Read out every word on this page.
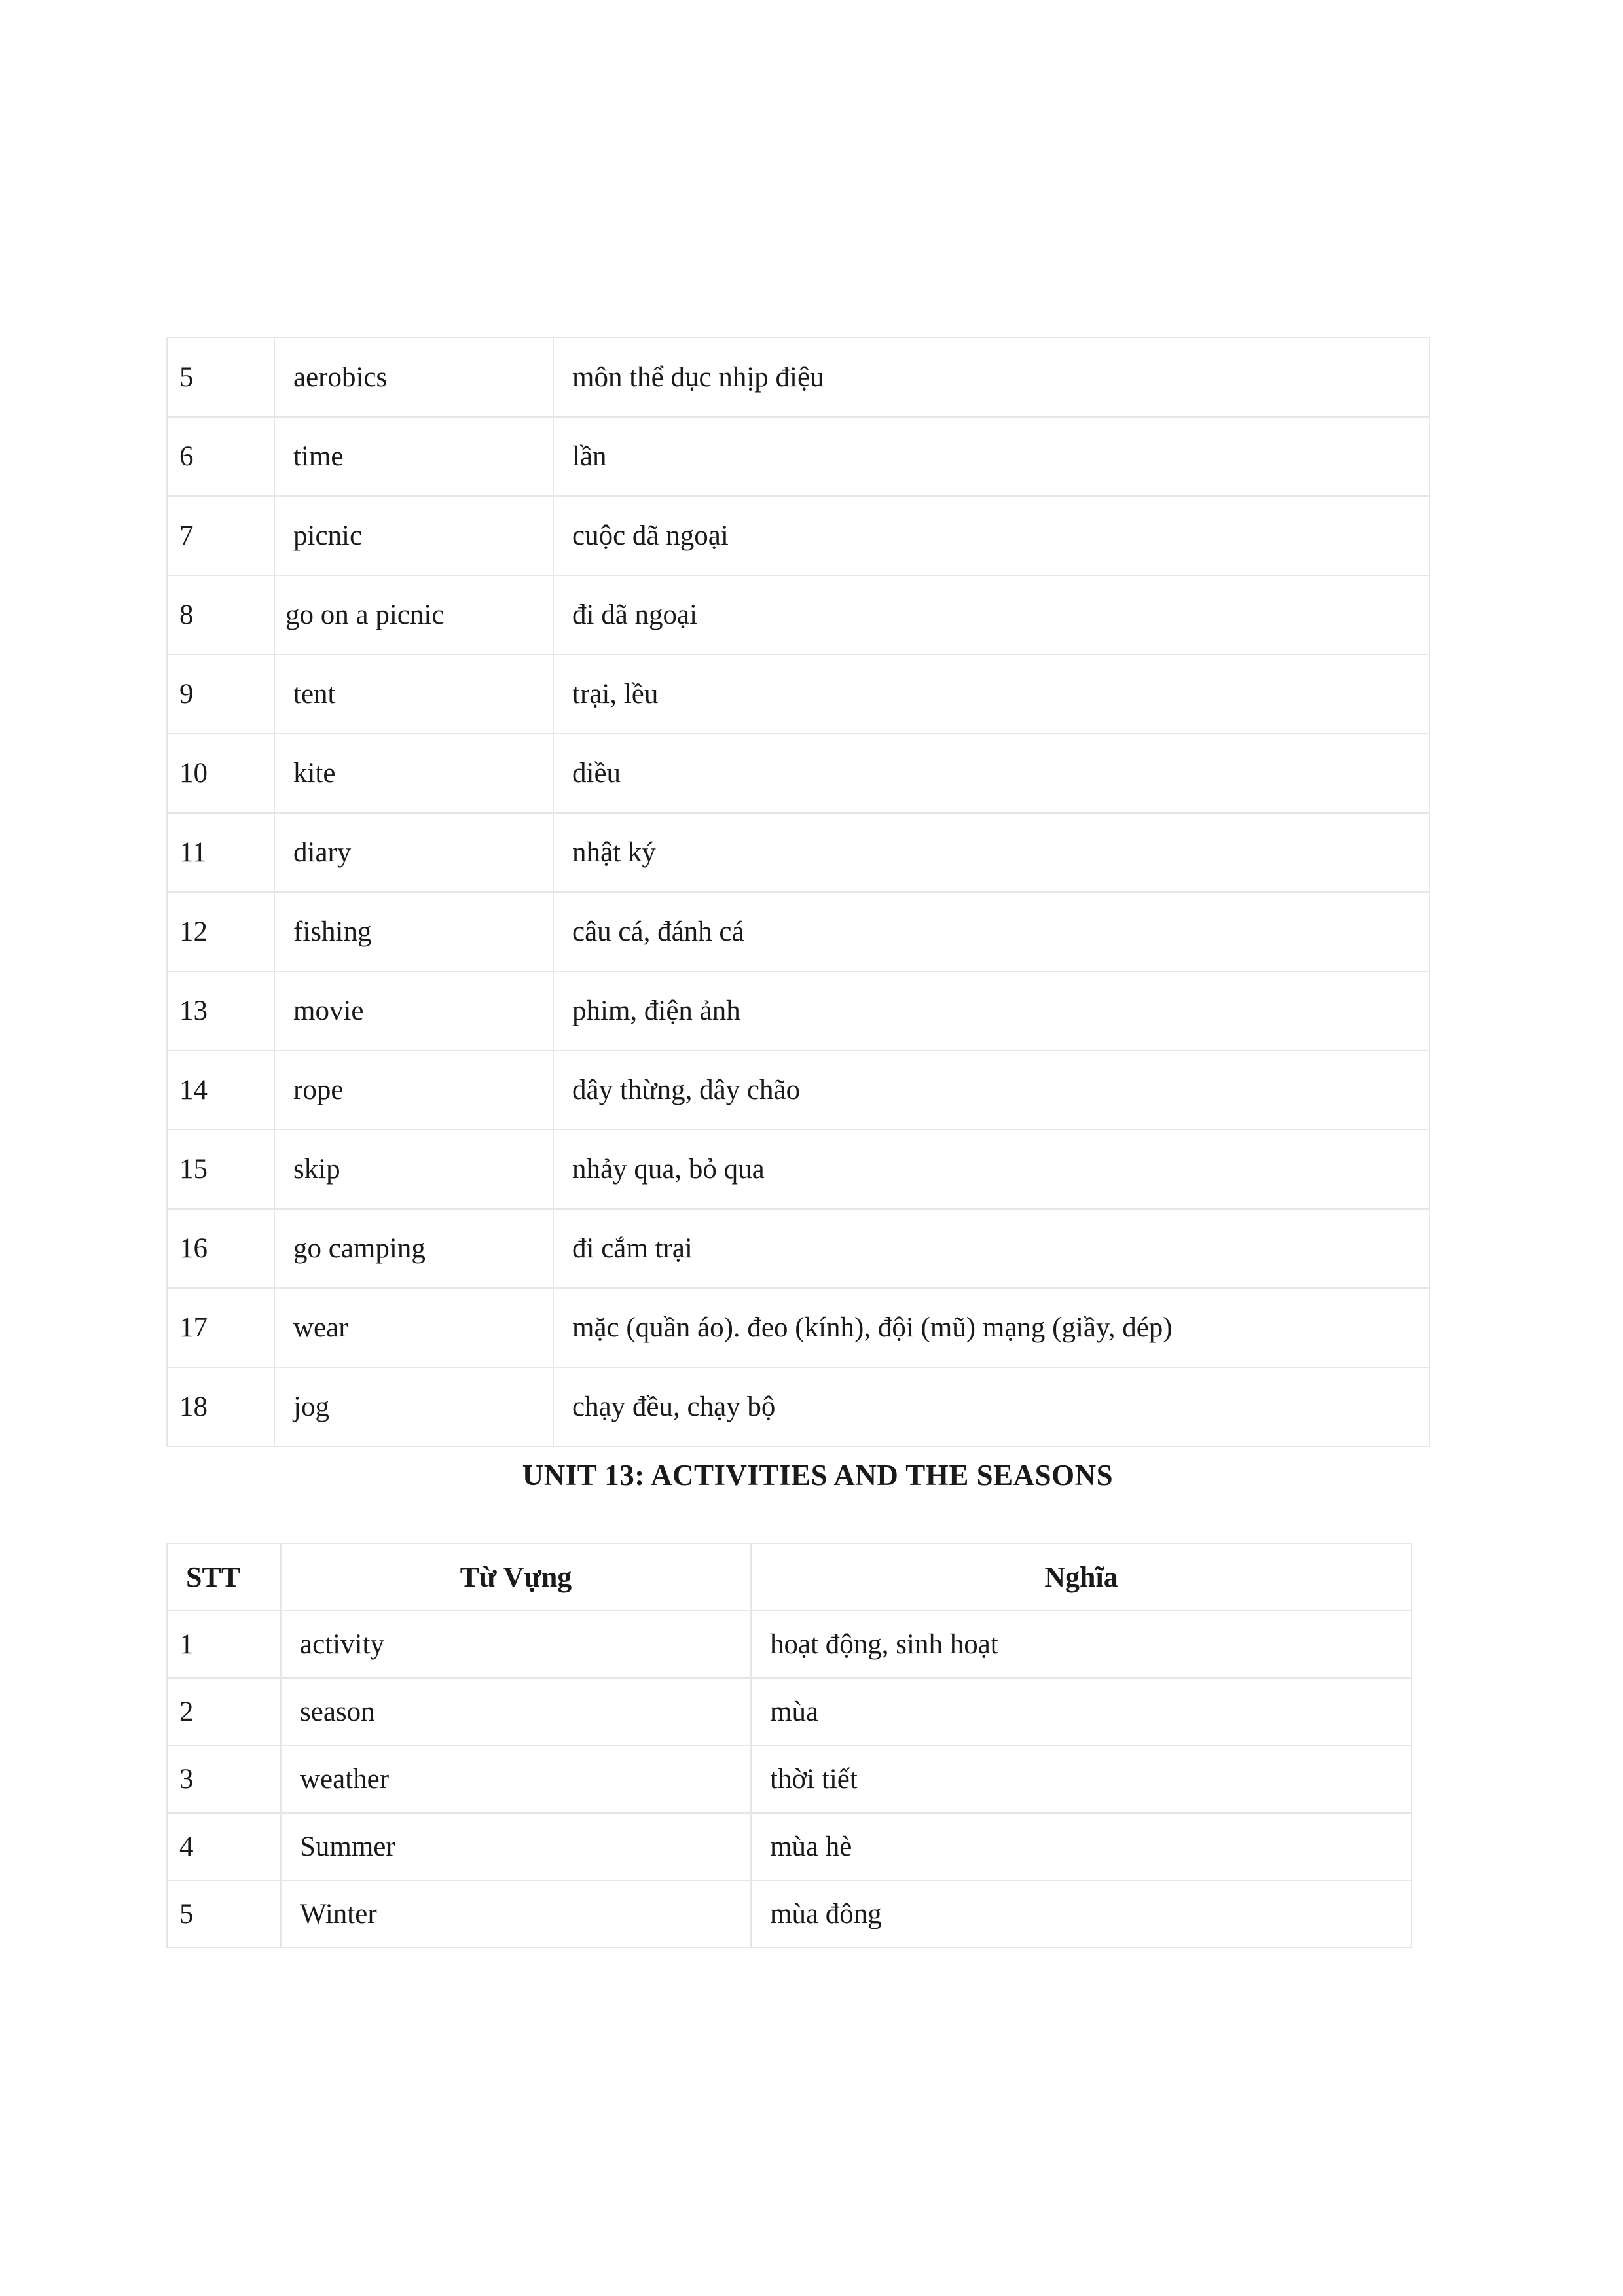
5	aerobics	môn thể dục nhịp điệu
6	time	lần
7	picnic	cuộc dã ngoại
8	go on a picnic	đi dã ngoại
9	tent	trại, lều
10	kite	diều
11	diary	nhật ký
12	fishing	câu cá, đánh cá
13	movie	phim, điện ảnh
14	rope	dây thừng, dây chão
15	skip	nhảy qua, bỏ qua
16	go camping	đi cắm trại
17	wear	mặc (quần áo). đeo (kính), đội (mũ) mạng (giầy, dép)
18	jog	chạy đều, chạy bộ
UNIT 13: ACTIVITIES AND THE SEASONS
STT	Từ Vựng	Nghĩa
1	activity	hoạt động, sinh hoạt
2	season	mùa
3	weather	thời tiết
4	Summer	mùa hè
5	Winter	mùa đông
